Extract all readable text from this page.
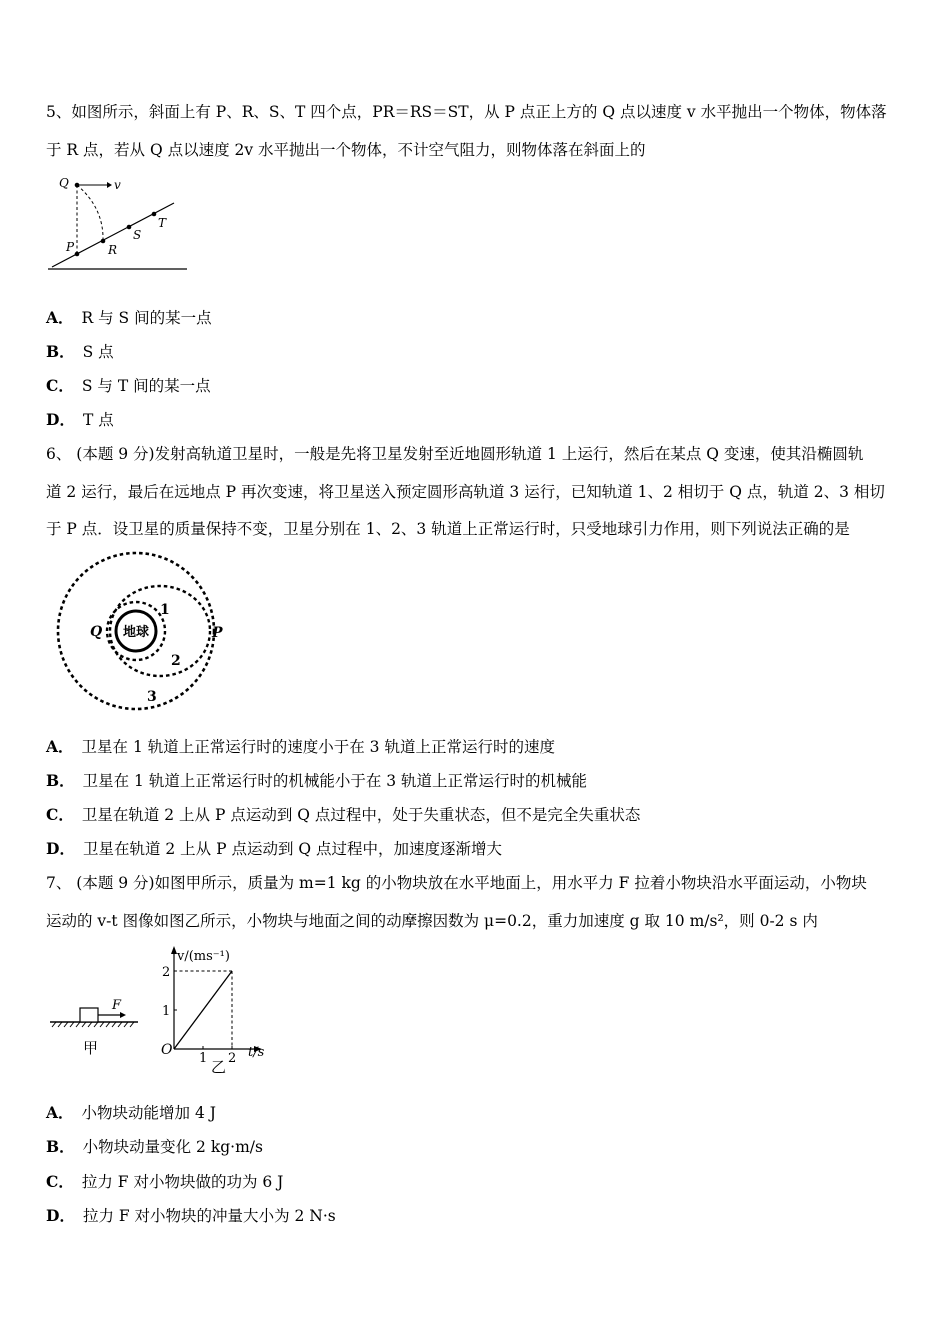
5、如图所示，斜面上有 P、R、S、T 四个点，PR＝RS＝ST，从 P 点正上方的 Q 点以速度 v 水平抛出一个物体，物体落
于 R 点，若从 Q 点以速度 2v 水平抛出一个物体，不计空气阻力，则物体落在斜面上的
Q	v
P	R
S
T
A． R 与 S 间的某一点
B． S 点
C． S 与 T 间的某一点
D． T 点
6、 (本题 9 分)发射高轨道卫星时，一般是先将卫星发射至近地圆形轨道 1 上运行，然后在某点 Q 变速，使其沿椭圆轨
道 2 运行，最后在远地点 P 再次变速，将卫星送入预定圆形高轨道 3 运行，已知轨道 1、2 相切于 Q 点，轨道 2、3 相切
于 P 点．设卫星的质量保持不变，卫星分别在 1、2、3 轨道上正常运行时，只受地球引力作用，则下列说法正确的是
地球
Q	P
1
2
3
A． 卫星在 1 轨道上正常运行时的速度小于在 3 轨道上正常运行时的速度
B． 卫星在 1 轨道上正常运行时的机械能小于在 3 轨道上正常运行时的机械能
C． 卫星在轨道 2 上从 P 点运动到 Q 点过程中，处于失重状态，但不是完全失重状态
D． 卫星在轨道 2 上从 P 点运动到 Q 点过程中，加速度逐渐增大
7、 (本题 9 分)如图甲所示，质量为 m=1 kg 的小物块放在水平地面上，用水平力 F 拉着小物块沿水平面运动，小物块
运动的 v-t 图像如图乙所示，小物块与地面之间的动摩擦因数为 μ=0.2，重力加速度 g 取 10 m/s²，则 0-2 s 内
F
甲
v/(ms⁻¹)
t/s
O
1 2
1
2
乙
A． 小物块动能增加 4 J
B． 小物块动量变化 2 kg·m/s
C． 拉力 F 对小物块做的功为 6 J
D． 拉力 F 对小物块的冲量大小为 2 N·s
